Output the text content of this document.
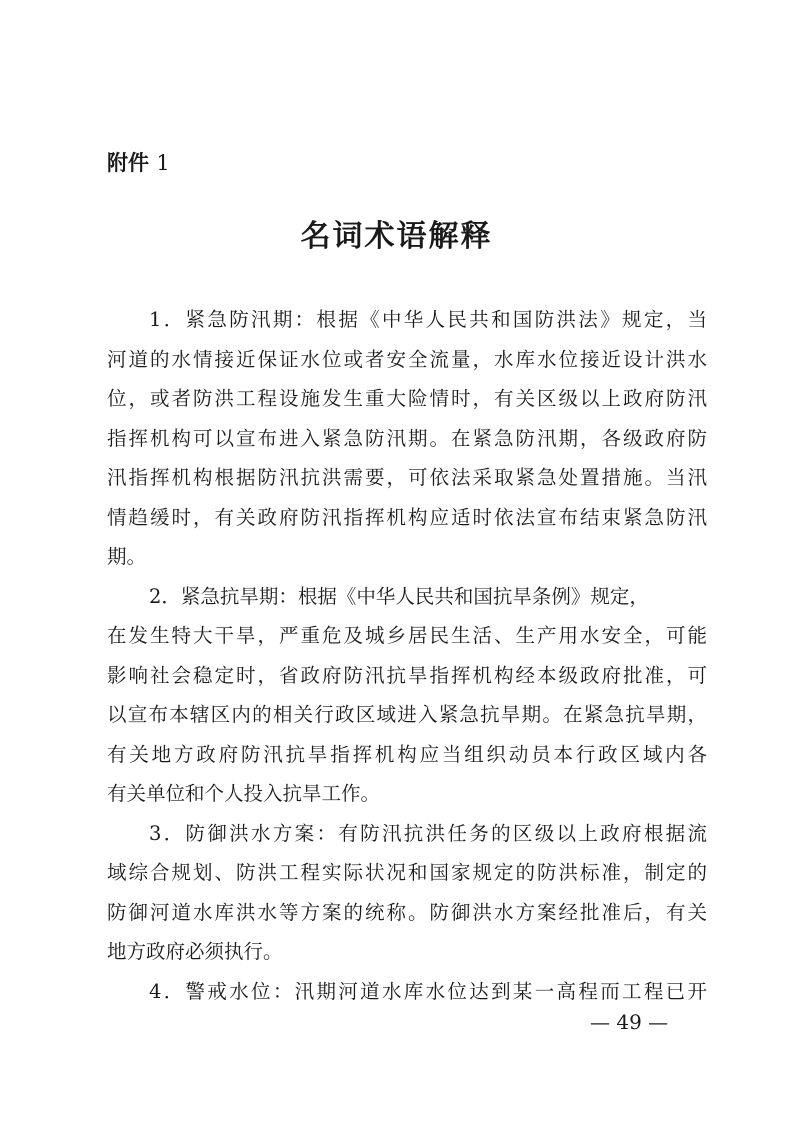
附件 1
名词术语解释
1．紧急防汛期：根据《中华人民共和国防洪法》规定，当
河道的水情接近保证水位或者安全流量，水库水位接近设计洪水
位，或者防洪工程设施发生重大险情时，有关区级以上政府防汛
指挥机构可以宣布进入紧急防汛期。在紧急防汛期，各级政府防
汛指挥机构根据防汛抗洪需要，可依法采取紧急处置措施。当汛
情趋缓时，有关政府防汛指挥机构应适时依法宣布结束紧急防汛
期。
2．紧急抗旱期：根据《中华人民共和国抗旱条例》规定，
在发生特大干旱，严重危及城乡居民生活、生产用水安全，可能
影响社会稳定时，省政府防汛抗旱指挥机构经本级政府批准，可
以宣布本辖区内的相关行政区域进入紧急抗旱期。在紧急抗旱期，
有关地方政府防汛抗旱指挥机构应当组织动员本行政区域内各
有关单位和个人投入抗旱工作。
3．防御洪水方案：有防汛抗洪任务的区级以上政府根据流
域综合规划、防洪工程实际状况和国家规定的防洪标准，制定的
防御河道水库洪水等方案的统称。防御洪水方案经批准后，有关
地方政府必须执行。
4．警戒水位：汛期河道水库水位达到某一高程而工程已开
— 49 —
